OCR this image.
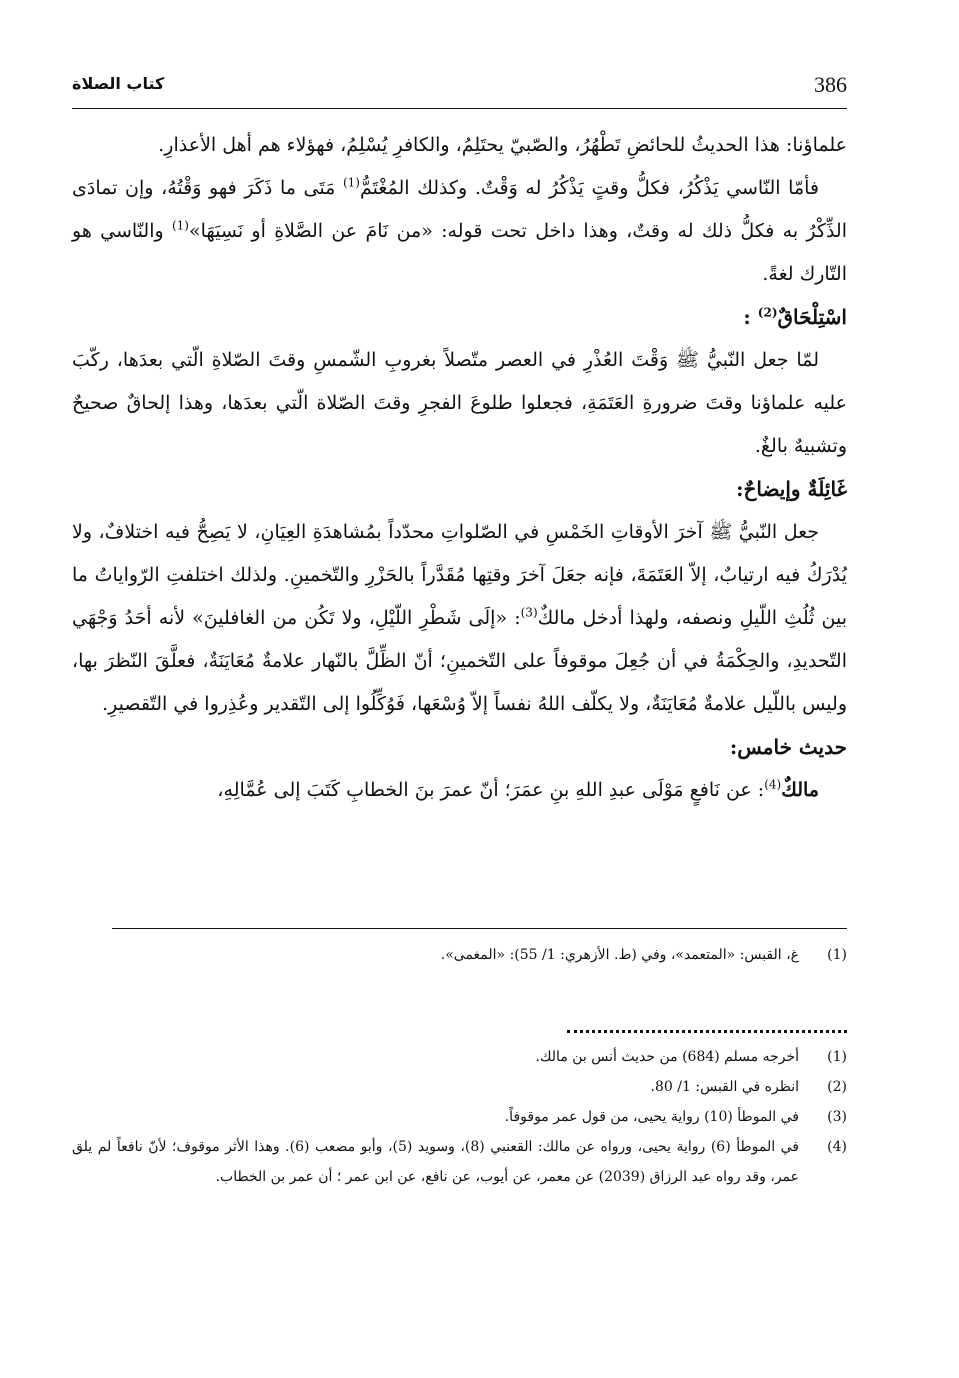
386
كتاب الصلاة

علماؤنا: هذا الحديثُ للحائضِ تَطْهُرُ، والصّبيّ يحتَلِمُ، والكافرِ يُسْلِمُ، فهؤلاء هم أهل الأعذارِ.

فأمّا النّاسي يَذْكُرُ، فكلُّ وقتٍ يَذْكُرُ له وَقْتٌ. وكذلك المُغْتَمُّ$^{(1)}$ مَتَى ما ذَكَرَ فهو وَقْتُهُ، وإن تمادَى الذِّكْرُ به فكلُّ ذلك له وقتٌ، وهذا داخل تحت قوله: «من نَامَ عن الصَّلاةِ أو نَسِيَهَا»$^{(1)}$ والنّاسي هو التّارك لغةً.

اسْتِلْحَاقٌ$^{(2)}$ :

لمّا جعل النّبيُّ ﷺ وَقْتَ العُذْرِ في العصر متّصلاً بغروبِ الشّمسِ وقتَ الصّلاةِ الّتي بعدَها، ركّبَ عليه علماؤنا وقتَ ضرورةِ العَتَمَةِ، فجعلوا طلوعَ الفجرِ وقتَ الصّلاة الّتي بعدَها، وهذا إلحاقٌ صحيحٌ وتشبيهٌ بالغٌ.

غَائِلَةٌ وإيضاحٌ:

جعل النّبيُّ ﷺ آخرَ الأوقاتِ الخَمْسِ في الصّلواتِ محدّداً بمُشاهدَةِ العِيَانِ، لا يَصِحُّ فيه اختلافٌ، ولا يُدْرَكُ فيه ارتيابٌ، إلاّ العَتَمَةَ، فإنه جعَلَ آخرَ وقتِها مُقَدَّراً بالحَزْرِ والتّخمينِ. ولذلك اختلفتِ الرّواياتُ ما بين ثُلُثِ اللّيلِ ونصفه، ولهذا أدخل مالكٌ$^{(3)}$: «إلَى شَطْرِ اللّيْلِ، ولا تَكُن من الغافلينَ» لأنه أحَدُ وَجْهَي التّحديدِ، والحِكْمَةُ في أن جُعِلَ موقوفاً على التّخمينِ؛ أنّ الظِّلَّ بالنّهار علامةٌ مُعَايَنَةٌ، فعلَّقَ النّظرَ بها، وليس باللّيل علامةٌ مُعَايَنَةٌ، ولا يكلّف اللهُ نفساً إلاّ وُسْعَها، فَوُكِّلُوا إلى التّقدير وعُذِروا في التّقصيرِ.

حديث خامس:

مالكٌ$^{(4)}$: عن نَافعٍ مَوْلَى عبدِ اللهِ بنِ عمَرَ؛ أنّ عمرَ بنَ الخطابِ كَتَبَ إلى عُمَّالِهِ،

(1)
غ، القبس: «المتعمد»، وفي (ط. الأزهري: 1/ 55): «المغمى».
(1)
أخرجه مسلم (684) من حديث أنس بن مالك.
(2)
انظره في القبس: 1/ 80.
(3)
في الموطأ (10) رواية يحيى، من قول عمر موقوفاً.
(4)
في الموطأ (6) رواية يحيى، ورواه عن مالك: القعنبي (8)، وسويد (5)، وأبو مصعب (6). وهذا الأثر موقوف؛ لأنّ نافعاً لم يلق عمر، وقد رواه عبد الرزاق (2039) عن معمر، عن أيوب، عن نافع، عن ابن عمر ؛ أن عمر بن الخطاب.
